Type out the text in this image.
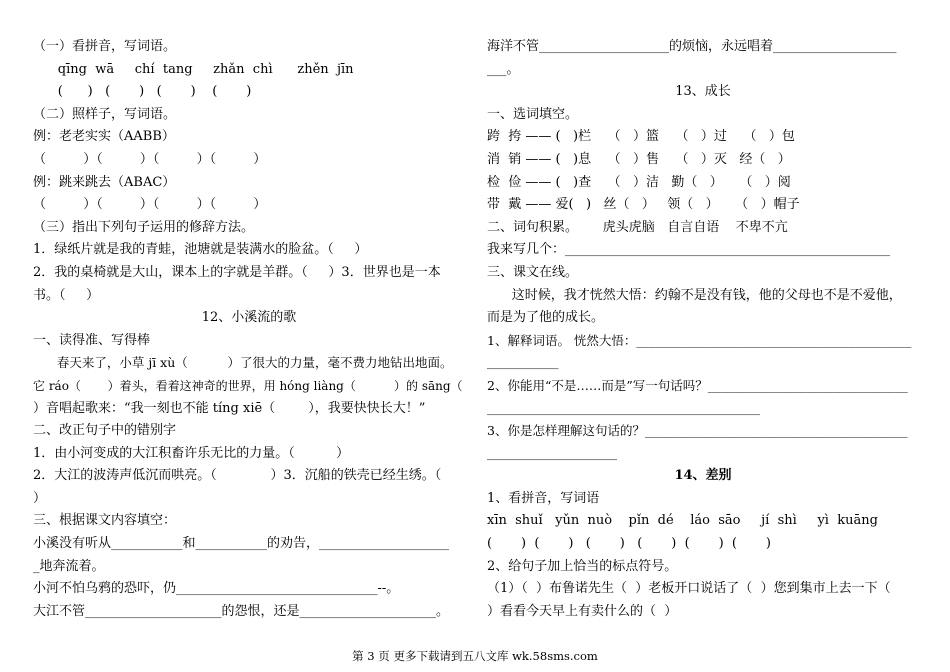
（一）看拼音，写词语。
qīng  wā     chí  tang     zhǎn  chì      zhěn  jīn
(      )   (       )   (       )    (       )
（二）照样子，写词语。
例：老老实实（AABB）
（         ）（         ）（         ）（         ）
例：跳来跳去（ABAC）
（         ）（         ）（         ）（         ）
（三）指出下列句子运用的修辞方法。
1．绿纸片就是我的青蛙，池塘就是装满水的脸盆。（     ）
2．我的桌椅就是大山，课本上的字就是羊群。（     ）3．世界也是一本
书。（     ）
12、小溪流的歌
一、读得准、写得棒
春天来了，小草 jī xù（          ）了很大的力量，毫不费力地钻出地面。
它 ráo（       ）着头，看着这神奇的世界，用 hóng liàng（          ）的 sāng（
）音唱起歌来：“我一刻也不能 tíng xiē（        ），我要快快长大！”
二、改正句子中的错别字
1．由小河变成的大江积畜许乐无比的力量。（          ）
2．大江的波涛声低沉而哄亮。（             ）3．沉船的铁壳已经生绣。（
）
三、根据课文内容填空：
小溪没有听从___________和___________的劝告，____________________
_地奔流着。
小河不怕乌鸦的恐吓，仍_______________________________--。
大江不管_____________________的怨恨，还是_____________________。
海洋不管____________________的烦恼，永远唱着___________________
___。
13、成长
一、选词填空。
跨  挎 —— (   )栏    （   ）篮    （   ）过    （   ）包
消  销 —— (   )息    （   ）售    （   ）灭   经（   ）
检  俭 —— (   )查    （   ）洁   勤（   ）    （   ）阅
带  戴 —— 爱(   )   丝（   ）   领（   ）    （   ）帽子
二、词句积累。      虎头虎脑   自言自语    不卑不亢
我来写几个：__________________________________________________
三、课文在线。
这时候，我才恍然大悟：约翰不是没有钱，他的父母也不是不爱他，
而是为了他的成长。
1、解释词语。 恍然大悟：____________________________________________
___________
2、你能用“不是……而是”写一句话吗？________________________________
__________________________________________
3、你是怎样理解这句话的？__________________________________________
____________________
14、差别
1、看拼音，写词语
xīn  shuǐ   yǔn  nuò    pǐn  dé    láo  sāo     jí  shì     yì  kuāng
(       )  (       )   (       )   (       )  (       )  (       )
2、给句子加上恰当的标点符号。
（1）（  ）布鲁诺先生（  ）老板开口说话了（  ）您到集市上去一下（
）看看今天早上有卖什么的（  ）
第 3 页 更多下载请到五八文库 wk.58sms.com
